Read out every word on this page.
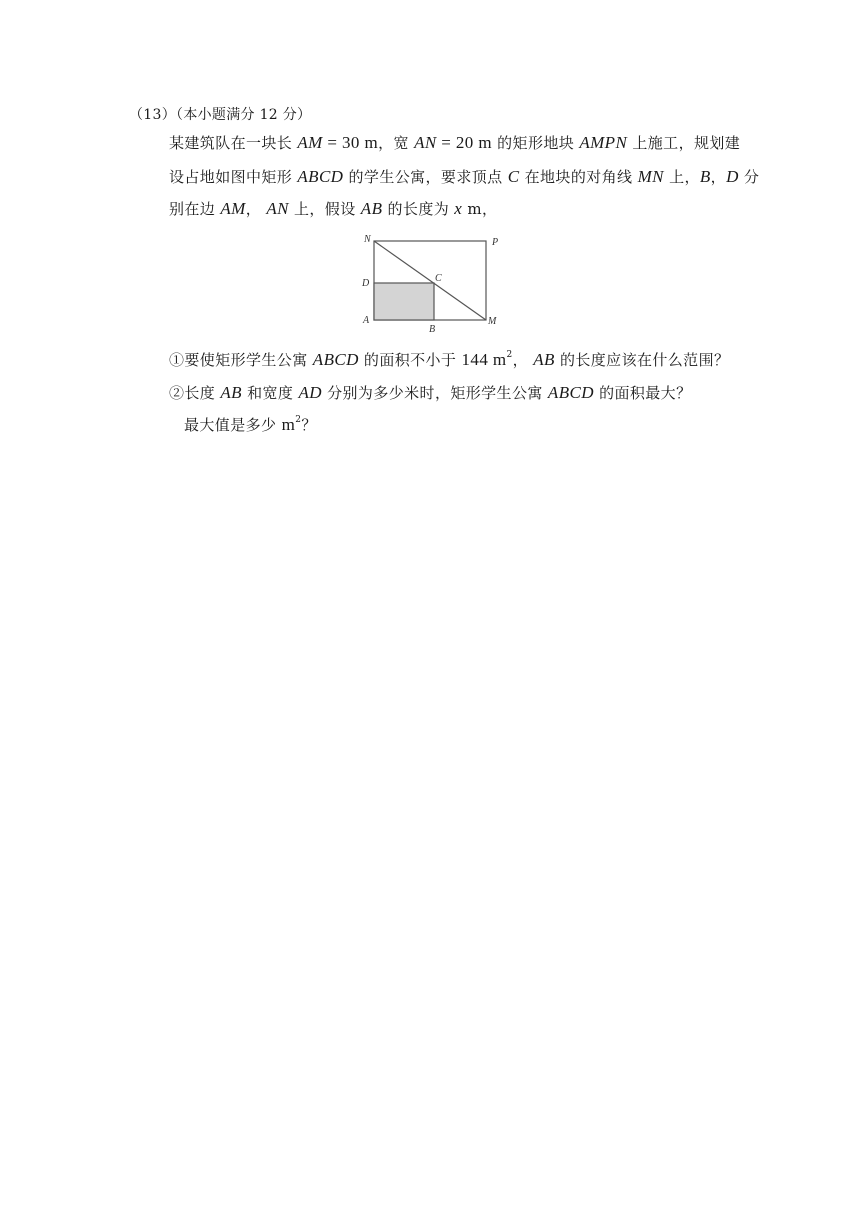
（13）（本小题满分 12 分）
某建筑队在一块长 AM = 30 m，宽 AN = 20 m 的矩形地块 AMPN 上施工，规划建
设占地如图中矩形 ABCD 的学生公寓，要求顶点 C 在地块的对角线 MN 上，B，D 分
别在边 AM， AN 上，假设 AB 的长度为 x m，
N	P
D	C
A
B
M
①要使矩形学生公寓 ABCD 的面积不小于 144 $m^2$， AB 的长度应该在什么范围？
②长度 AB 和宽度 AD 分别为多少米时，矩形学生公寓 ABCD 的面积最大？
最大值是多少 $m^2$？
